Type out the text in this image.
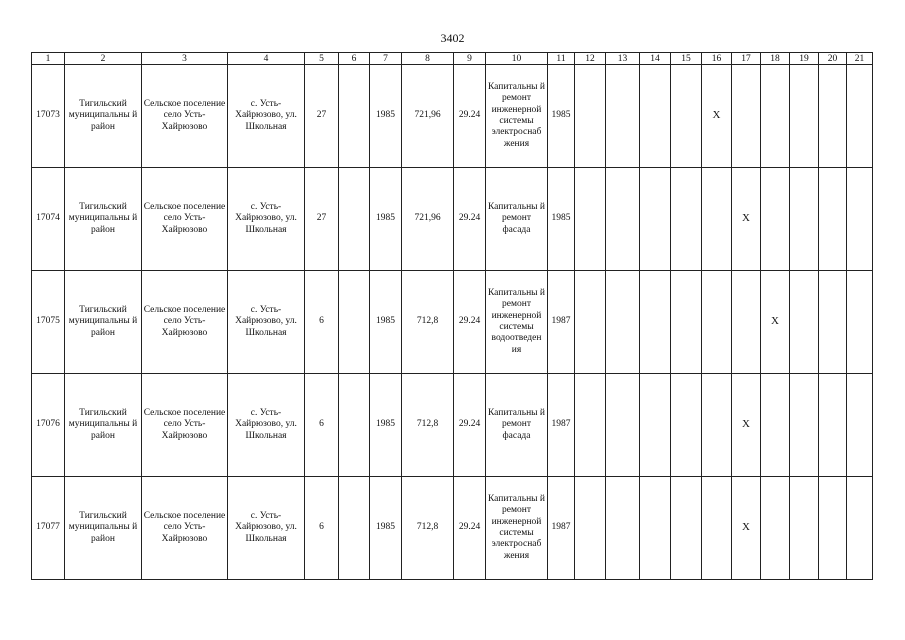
3402
1	2	3	4	5	6	7	8	9	10	11	12	13	14	15	16	17	18	19	20	21
17073	Тигильский муниципальны й район	Сельское поселение село Усть-Хайрюзово	с. Усть-Хайрюзово, ул. Школьная	27		1985	721,96	29.24	Капитальны й ремонт инженерной системы электроснаб жения	1985					X					
17074	Тигильский муниципальны й район	Сельское поселение село Усть-Хайрюзово	с. Усть-Хайрюзово, ул. Школьная	27		1985	721,96	29.24	Капитальны й ремонт фасада	1985						X				
17075	Тигильский муниципальны й район	Сельское поселение село Усть-Хайрюзово	с. Усть-Хайрюзово, ул. Школьная	6		1985	712,8	29.24	Капитальны й ремонт инженерной системы водоотведен ия	1987							X			
17076	Тигильский муниципальны й район	Сельское поселение село Усть-Хайрюзово	с. Усть-Хайрюзово, ул. Школьная	6		1985	712,8	29.24	Капитальны й ремонт фасада	1987						X				
17077	Тигильский муниципальны й район	Сельское поселение село Усть-Хайрюзово	с. Усть-Хайрюзово, ул. Школьная	6		1985	712,8	29.24	Капитальны й ремонт инженерной системы электроснаб жения	1987						X				
